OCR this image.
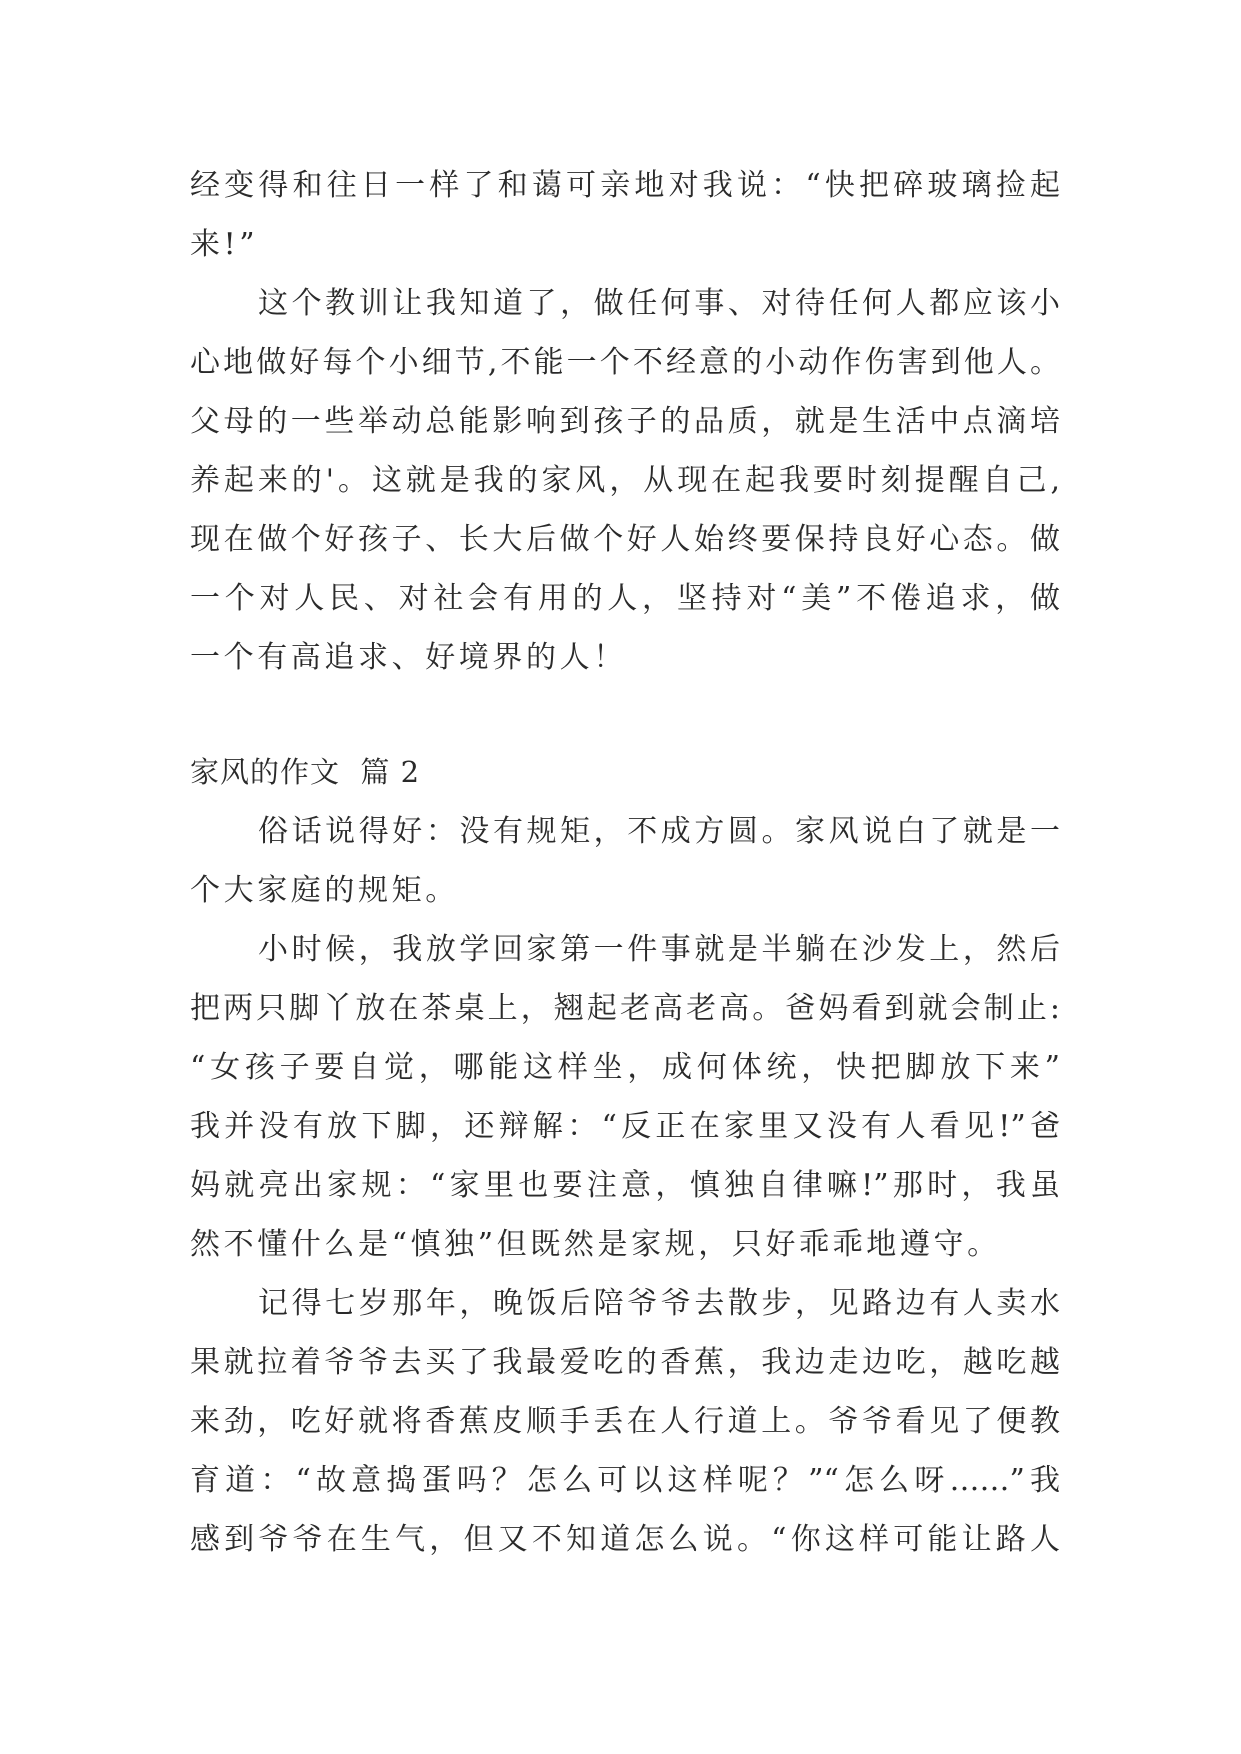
经变得和往日一样了和蔼可亲地对我说：“快把碎玻璃捡起
来!”
这个教训让我知道了，做任何事、对待任何人都应该小
心地做好每个小细节,不能一个不经意的小动作伤害到他人。
父母的一些举动总能影响到孩子的品质，就是生活中点滴培
养起来的'。这就是我的家风，从现在起我要时刻提醒自己,
现在做个好孩子、长大后做个好人始终要保持良好心态。做
一个对人民、对社会有用的人，坚持对“美”不倦追求，做
一个有高追求、好境界的人！
家风的作文  篇 2
俗话说得好：没有规矩，不成方圆。家风说白了就是一
个大家庭的规矩。
小时候，我放学回家第一件事就是半躺在沙发上，然后
把两只脚丫放在茶桌上，翘起老高老高。爸妈看到就会制止:
“女孩子要自觉，哪能这样坐，成何体统，快把脚放下来”
我并没有放下脚，还辩解：“反正在家里又没有人看见!”爸
妈就亮出家规：“家里也要注意，慎独自律嘛!”那时，我虽
然不懂什么是“慎独”但既然是家规，只好乖乖地遵守。
记得七岁那年，晚饭后陪爷爷去散步，见路边有人卖水
果就拉着爷爷去买了我最爱吃的香蕉，我边走边吃，越吃越
来劲，吃好就将香蕉皮顺手丢在人行道上。爷爷看见了便教
育道：“故意捣蛋吗？怎么可以这样呢？”“怎么呀……”我
感到爷爷在生气，但又不知道怎么说。“你这样可能让路人
